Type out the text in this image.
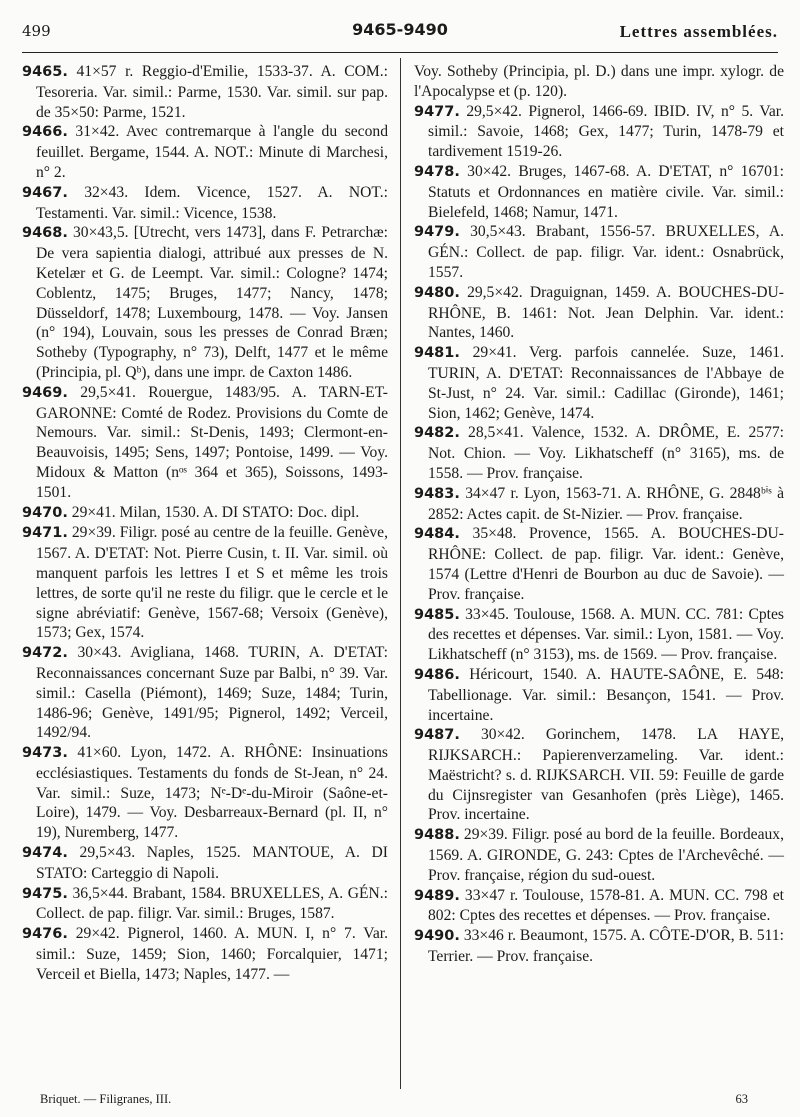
499	9465-9490	Lettres assemblées.

9465. 41×57 r. Reggio-d'Emilie, 1533-37. A. COM.: Tesoreria. Var. simil.: Parme, 1530. Var. simil. sur pap. de 35×50: Parme, 1521.

9466. 31×42. Avec contremarque à l'angle du second feuillet. Bergame, 1544. A. NOT.: Minute di Marchesi, n° 2.

9467. 32×43. Idem. Vicence, 1527. A. NOT.: Testamenti. Var. simil.: Vicence, 1538.

9468. 30×43,5. [Utrecht, vers 1473], dans F. Petrarchæ: De vera sapientia dialogi, attribué aux presses de N. Ketelær et G. de Leempt. Var. simil.: Cologne? 1474; Coblentz, 1475; Bruges, 1477; Nancy, 1478; Düsseldorf, 1478; Luxembourg, 1478. — Voy. Jansen (n° 194), Louvain, sous les presses de Conrad Bræn; Sotheby (Typography, n° 73), Delft, 1477 et le même (Principia, pl. Qᵇ), dans une impr. de Caxton 1486.

9469. 29,5×41. Rouergue, 1483/95. A. TARN-ET-GARONNE: Comté de Rodez. Provisions du Comte de Nemours. Var. simil.: St-Denis, 1493; Clermont-en-Beauvoisis, 1495; Sens, 1497; Pontoise, 1499. — Voy. Midoux & Matton (nᵒˢ 364 et 365), Soissons, 1493-1501.

9470. 29×41. Milan, 1530. A. DI STATO: Doc. dipl.

9471. 29×39. Filigr. posé au centre de la feuille. Genève, 1567. A. D'ETAT: Not. Pierre Cusin, t. II. Var. simil. où manquent parfois les lettres I et S et même les trois lettres, de sorte qu'il ne reste du filigr. que le cercle et le signe abréviatif: Genève, 1567-68; Versoix (Genève), 1573; Gex, 1574.

9472. 30×43. Avigliana, 1468. TURIN, A. D'ETAT: Reconnaissances concernant Suze par Balbi, n° 39. Var. simil.: Casella (Piémont), 1469; Suze, 1484; Turin, 1486-96; Genève, 1491/95; Pignerol, 1492; Verceil, 1492/94.

9473. 41×60. Lyon, 1472. A. RHÔNE: Insinuations ecclésiastiques. Testaments du fonds de St-Jean, n° 24. Var. simil.: Suze, 1473; Nᵉ-Dᵉ-du-Miroir (Saône-et-Loire), 1479. — Voy. Desbarreaux-Bernard (pl. II, n° 19), Nuremberg, 1477.

9474. 29,5×43. Naples, 1525. MANTOUE, A. DI STATO: Carteggio di Napoli.

9475. 36,5×44. Brabant, 1584. BRUXELLES, A. GÉN.: Collect. de pap. filigr. Var. simil.: Bruges, 1587.

9476. 29×42. Pignerol, 1460. A. MUN. I, n° 7. Var. simil.: Suze, 1459; Sion, 1460; Forcalquier, 1471; Verceil et Biella, 1473; Naples, 1477. —

Voy. Sotheby (Principia, pl. D.) dans une impr. xylogr. de l'Apocalypse et (p. 120).

9477. 29,5×42. Pignerol, 1466-69. IBID. IV, n° 5. Var. simil.: Savoie, 1468; Gex, 1477; Turin, 1478-79 et tardivement 1519-26.

9478. 30×42. Bruges, 1467-68. A. D'ETAT, n° 16701: Statuts et Ordonnances en matière civile. Var. simil.: Bielefeld, 1468; Namur, 1471.

9479. 30,5×43. Brabant, 1556-57. BRUXELLES, A. GÉN.: Collect. de pap. filigr. Var. ident.: Osnabrück, 1557.

9480. 29,5×42. Draguignan, 1459. A. BOUCHES-DU-RHÔNE, B. 1461: Not. Jean Delphin. Var. ident.: Nantes, 1460.

9481. 29×41. Verg. parfois cannelée. Suze, 1461. TURIN, A. D'ETAT: Reconnaissances de l'Abbaye de St-Just, n° 24. Var. simil.: Cadillac (Gironde), 1461; Sion, 1462; Genève, 1474.

9482. 28,5×41. Valence, 1532. A. DRÔME, E. 2577: Not. Chion. — Voy. Likhatscheff (n° 3165), ms. de 1558. — Prov. française.

9483. 34×47 r. Lyon, 1563-71. A. RHÔNE, G. 2848ᵇⁱˢ à 2852: Actes capit. de St-Nizier. — Prov. française.

9484. 35×48. Provence, 1565. A. BOUCHES-DU-RHÔNE: Collect. de pap. filigr. Var. ident.: Genève, 1574 (Lettre d'Henri de Bourbon au duc de Savoie). — Prov. française.

9485. 33×45. Toulouse, 1568. A. MUN. CC. 781: Cptes des recettes et dépenses. Var. simil.: Lyon, 1581. — Voy. Likhatscheff (n° 3153), ms. de 1569. — Prov. française.

9486. Héricourt, 1540. A. HAUTE-SAÔNE, E. 548: Tabellionage. Var. simil.: Besançon, 1541. — Prov. incertaine.

9487. 30×42. Gorinchem, 1478. LA HAYE, RIJKSARCH.: Papierenverzameling. Var. ident.: Maëstricht? s. d. RIJKSARCH. VII. 59: Feuille de garde du Cijnsregister van Gesanhofen (près Liège), 1465. Prov. incertaine.

9488. 29×39. Filigr. posé au bord de la feuille. Bordeaux, 1569. A. GIRONDE, G. 243: Cptes de l'Archevêché. — Prov. française, région du sud-ouest.

9489. 33×47 r. Toulouse, 1578-81. A. MUN. CC. 798 et 802: Cptes des recettes et dépenses. — Prov. française.

9490. 33×46 r. Beaumont, 1575. A. CÔTE-D'OR, B. 511: Terrier. — Prov. française.

Briquet. — Filigranes, III.	63
